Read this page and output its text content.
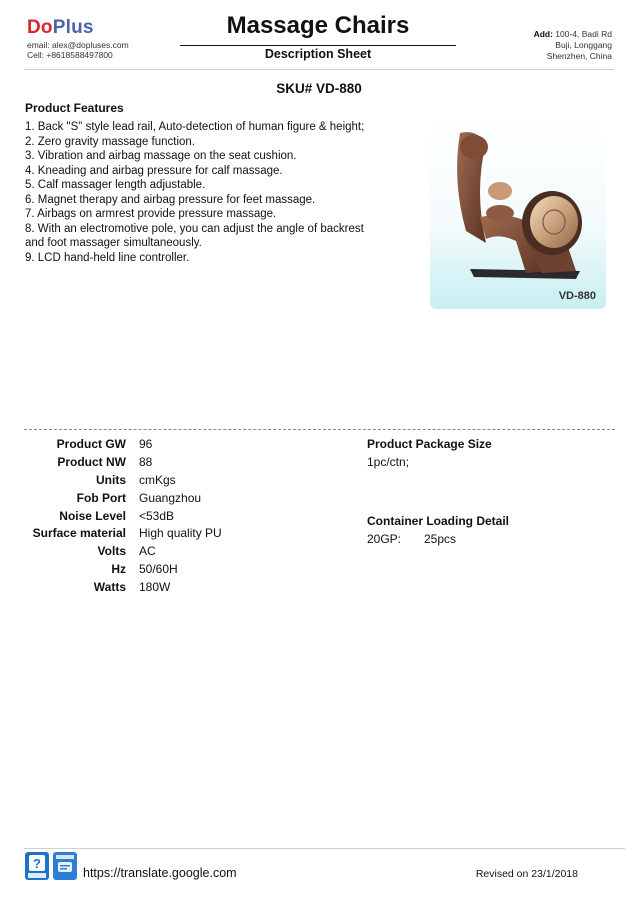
DoPlus
email: alex@dopluses.com
Cell: +8618588497800
Massage Chairs
Description Sheet
Add: 100-4, Badi Rd
Buji, Longgang
Shenzhen, China
SKU# VD-880
Product Features
1. Back "S" style lead rail, Auto-detection of human figure & height;
2. Zero gravity massage function.
3. Vibration and airbag massage on the seat cushion.
4. Kneading and airbag pressure for calf massage.
5. Calf massager length adjustable.
6. Magnet therapy and airbag pressure for feet massage.
7. Airbags on armrest provide pressure massage.
8. With an electromotive pole, you can adjust the angle of backrest
and foot massager simultaneously.
9. LCD hand-held line controller.
VD-880
Product GW 96
Product NW 88
Units cmKgs
Fob Port Guangzhou
Noise Level <53dB
Surface material High quality PU
Volts AC
Hz 50/60H
Watts 180W
Product Package Size
1pc/ctn;
Container Loading Detail
20GP: 25pcs
?
https://translate.google.com	Revised on 23/1/2018
